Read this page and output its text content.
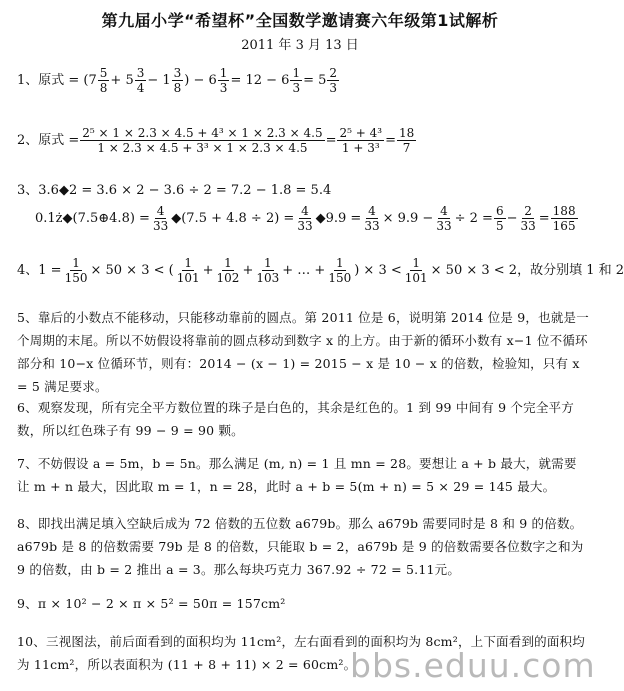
第九届小学“希望杯”全国数学邀请赛六年级第1试解析
2011 年 3 月 13 日
1、原式 = ($7 \frac{5}{8} + 5 \frac{3}{4} - 1 \frac{3}{8}$ ) − $6 \frac{1}{3} = 12 - 6 \frac{1}{3} = 5 \frac{2}{3}$
2、原式 = $\frac{\text{2⁵ × 1 × 2.3 × 4.5 + 4³ × 1 × 2.3 × 4.5}}{\text{1 × 2.3 × 4.5 + 3³ × 1 × 2.3 × 4.5}} = \frac{\text{2⁵ + 4³}}{\text{1 + 3³}} = \frac{18}{7}$
3、3.6◆2 = 3.6 × 2 − 3.6 ÷ 2 = 7.2 − 1.8 = 5.4
0.1ż◆(7.5⊕4.8) = $\frac{4}{33}$ ◆(7.5 + $4.8 \div 2) = \frac{4}{33}$ ◆9.9 = $\frac{4}{33} \times 9.9 - \frac{4}{33} \div 2 = \frac{6}{5} - \frac{2}{33} = \frac{188}{165}$
4、$1 = \frac{1}{150} \times 50 \times 3$ < ( $\frac{1}{101} + \frac{1}{102} + \frac{1}{103}$ + … + $\frac{1}{150}$ ) × $3 < \frac{1}{101} \times 50 \times 3 < 2$，故分别填 1 和 2
5、靠后的小数点不能移动，只能移动靠前的圆点。第 2011 位是 6，说明第 2014 位是 9，也就是一个周期的末尾。所以不妨假设将靠前的圆点移动到数字 x 的上方。由于新的循环小数有 x−1 位不循环部分和 10−x 位循环节，则有：2014 − (x − 1) = 2015 − x 是 10 − x 的倍数，检验知，只有 x = 5 满足要求。
6、观察发现，所有完全平方数位置的珠子是白色的，其余是红色的。1 到 99 中间有 9 个完全平方数，所以红色珠子有 99 − 9 = 90 颗。
7、不妨假设 a = 5m，b = 5n。那么满足 (m, n) = 1 且 mn = 28。要想让 a + b 最大，就需要让 m + n 最大，因此取 m = 1，n = 28，此时 a + b = 5(m + n) = 5 × 29 = 145 最大。
8、即找出满足填入空缺后成为 72 倍数的五位数 a679b。那么 a679b 需要同时是 8 和 9 的倍数。a679b 是 8 的倍数需要 79b 是 8 的倍数，只能取 b = 2，a679b 是 9 的倍数需要各位数字之和为 9 的倍数，由 b = 2 推出 a = 3。那么每块巧克力 367.92 ÷ 72 = 5.11元。
9、π × 10² − 2 × π × 5² = 50π = 157cm²
10、三视图法，前后面看到的面积均为 11cm²，左右面看到的面积均为 8cm²，上下面看到的面积均为 11cm²，所以表面积为 (11 + 8 + 11) × 2 = 60cm²。
bbs.eduu.com
